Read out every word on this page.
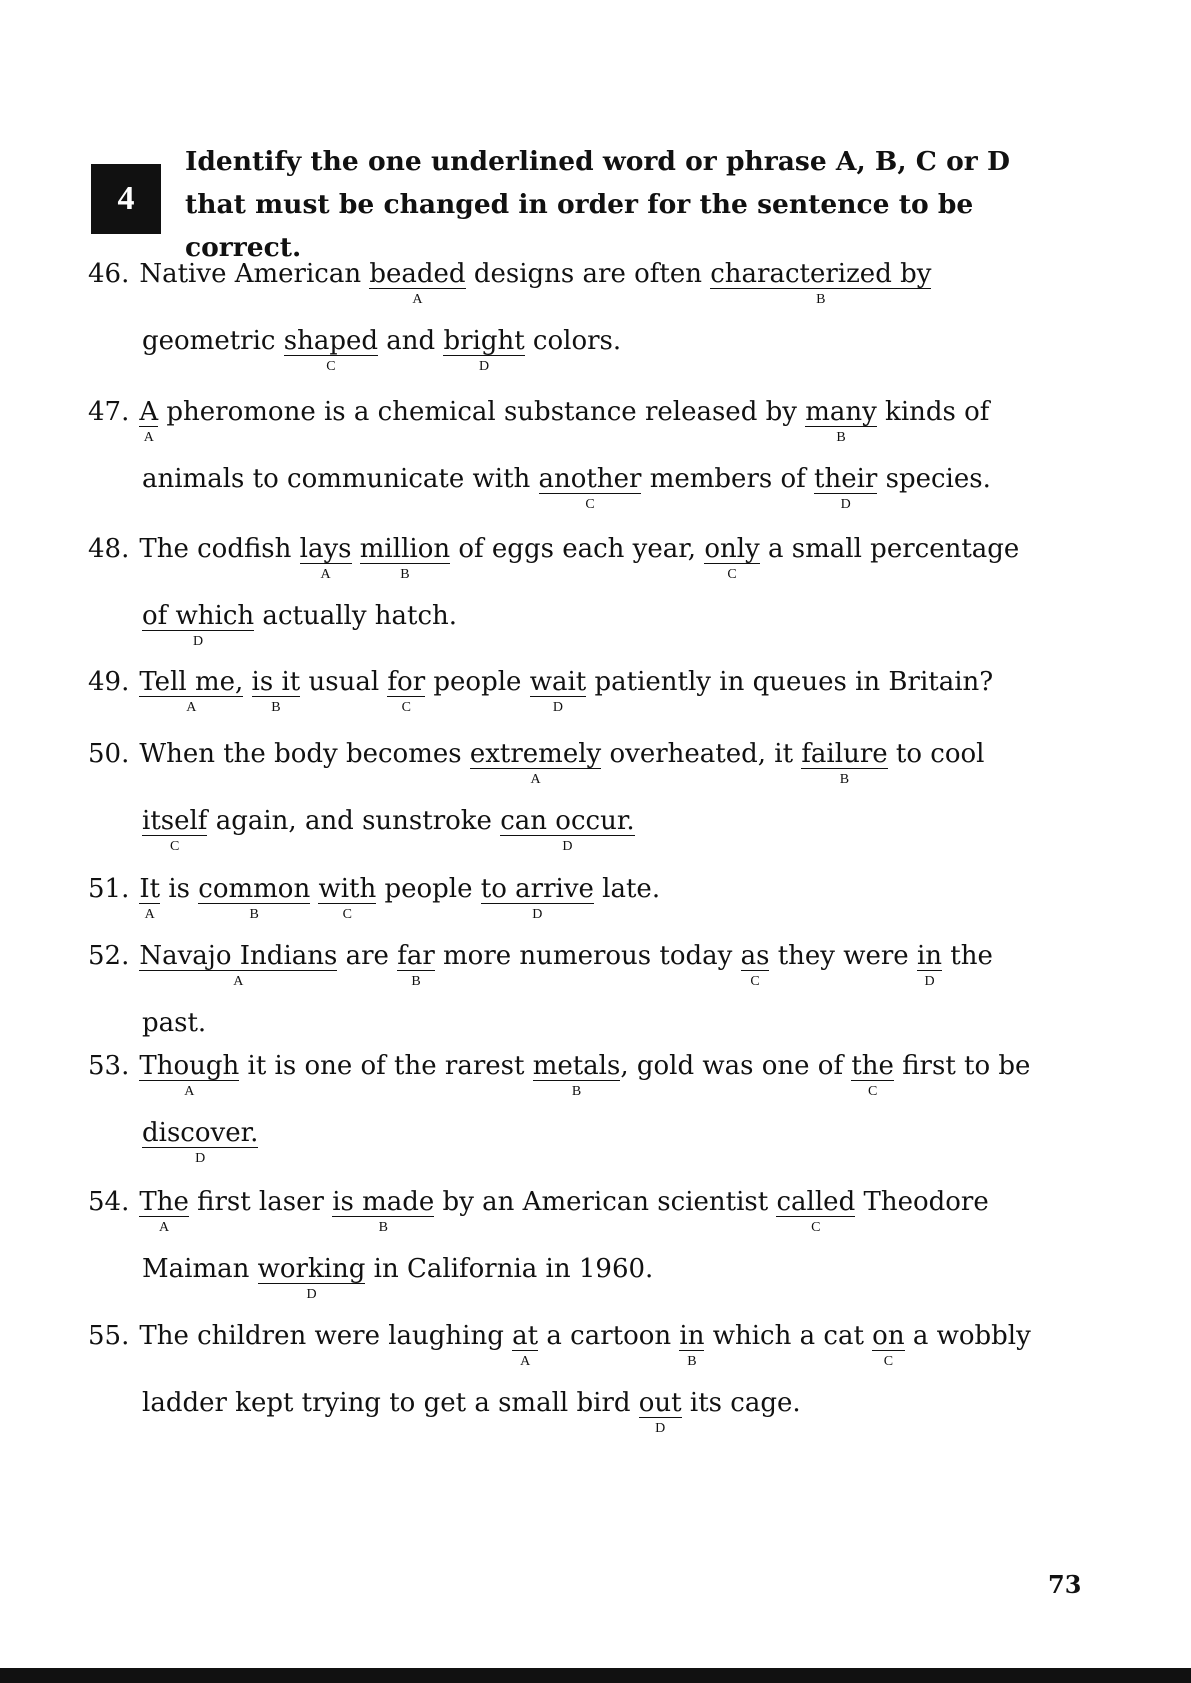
4

Identify the one underlined word or phrase A, B, C or D that must be changed in order for the sentence to be correct.

46. Native American beaded
A
designs are often characterized by
B
geometric shaped
C
and bright
D
colors.
47. A
A
pheromone is a chemical substance released by many
B
kinds of
animals to communicate with another
C
members of their
D
species.
48. The codfish lays
A
million
B
of eggs each year, only
C
a small percentage
of which
D
actually hatch.
49. Tell me,
A
is it
B
usual for
C
people wait
D
patiently in queues in Britain?
50. When the body becomes extremely
A
overheated, it failure
B
to cool
itself
C
again, and sunstroke can occur.
D
51. It
A
is common
B
with
C
people to arrive
D
late.
52. Navajo Indians
A
are far
B
more numerous today as
C
they were in
D
the
past.
53. Though
A
it is one of the rarest metals
B
, gold was one of the
C
first to be
discover.
D
54. The
A
first laser is made
B
by an American scientist called
C
Theodore
Maiman working
D
in California in 1960.
55. The children were laughing at
A
a cartoon in
B
which a cat on
C
a wobbly
ladder kept trying to get a small bird out
D
its cage.
73
